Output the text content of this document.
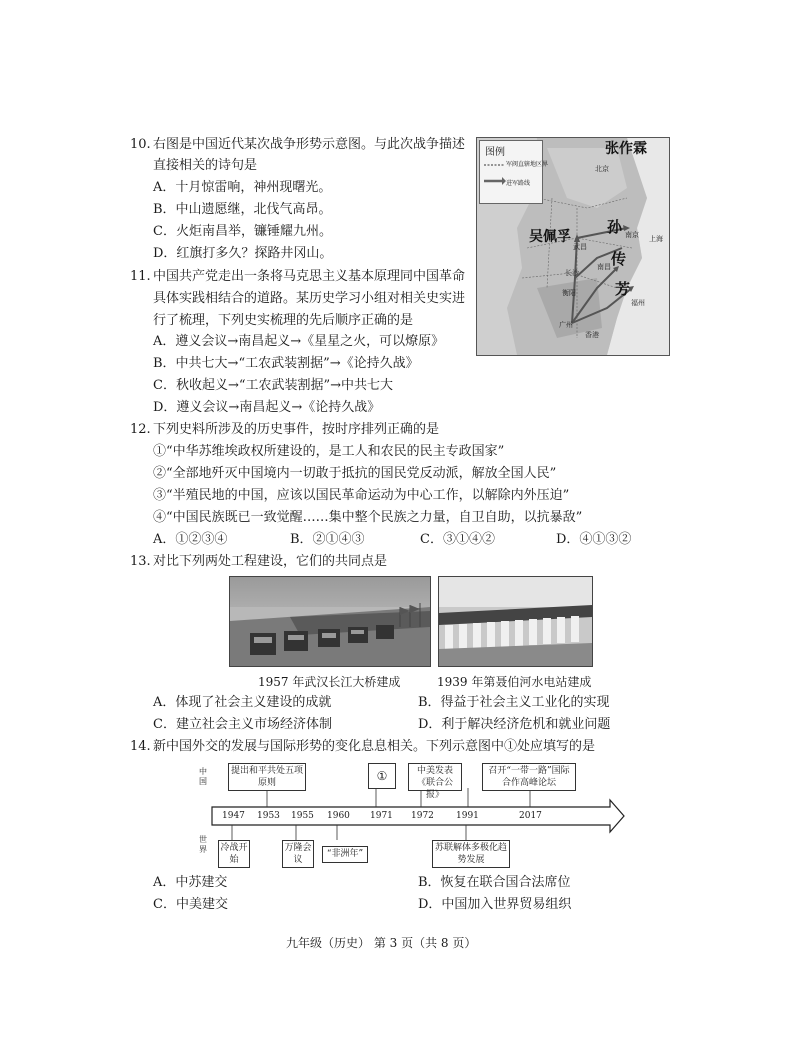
10. 右图是中国近代某次战争形势示意图。与此次战争描述
直接相关的诗句是
A．十月惊雷响，神州现曙光。
B．中山遗愿继，北伐气高昂。
C．火炬南昌举，镰锤耀九州。
D．红旗打多久？探路井冈山。
图例
军阀直辖地区界
进军路线
张作霖
吴佩孚
孙
传
芳
北京
广州
衡阳
长沙
武昌
南昌
南京 上海
福州
香港
11. 中国共产党走出一条将马克思主义基本原理同中国革命
具体实践相结合的道路。某历史学习小组对相关史实进
行了梳理，下列史实梳理的先后顺序正确的是
A．遵义会议→南昌起义→《星星之火，可以燎原》
B．中共七大→“工农武装割据”→《论持久战》
C．秋收起义→“工农武装割据”→中共七大
D．遵义会议→南昌起义→《论持久战》
12. 下列史料所涉及的历史事件，按时序排列正确的是
①“中华苏维埃政权所建设的，是工人和农民的民主专政国家”
②“全部地歼灭中国境内一切敢于抵抗的国民党反动派，解放全国人民”
③“半殖民地的中国，应该以国民革命运动为中心工作，以解除内外压迫”
④“中国民族既已一致觉醒……集中整个民族之力量，自卫自助，以抗暴敌”
A．①②③④	B．②①④③	C．③①④②	D．④①③②
13. 对比下列两处工程建设，它们的共同点是
1957 年武汉长江大桥建成	1939 年第聂伯河水电站建成
A．体现了社会主义建设的成就	B．得益于社会主义工业化的实现
C．建立社会主义市场经济体制	D．利于解决经济危机和就业问题
14. 新中国外交的发展与国际形势的变化息息相关。下列示意图中①处应填写的是
中国
世界
1947 1953 1955 1960 1971 1972 1991	2017
提出和平共处五项原则	①	中美发表《联合公报》
召开“一带一路”国际合作高峰论坛
冷战开始
万隆会议
“非洲年”
苏联解体多极化趋势发展
A．中苏建交	B．恢复在联合国合法席位
C．中美建交	D．中国加入世界贸易组织
九年级（历史） 第 3 页（共 8 页）
